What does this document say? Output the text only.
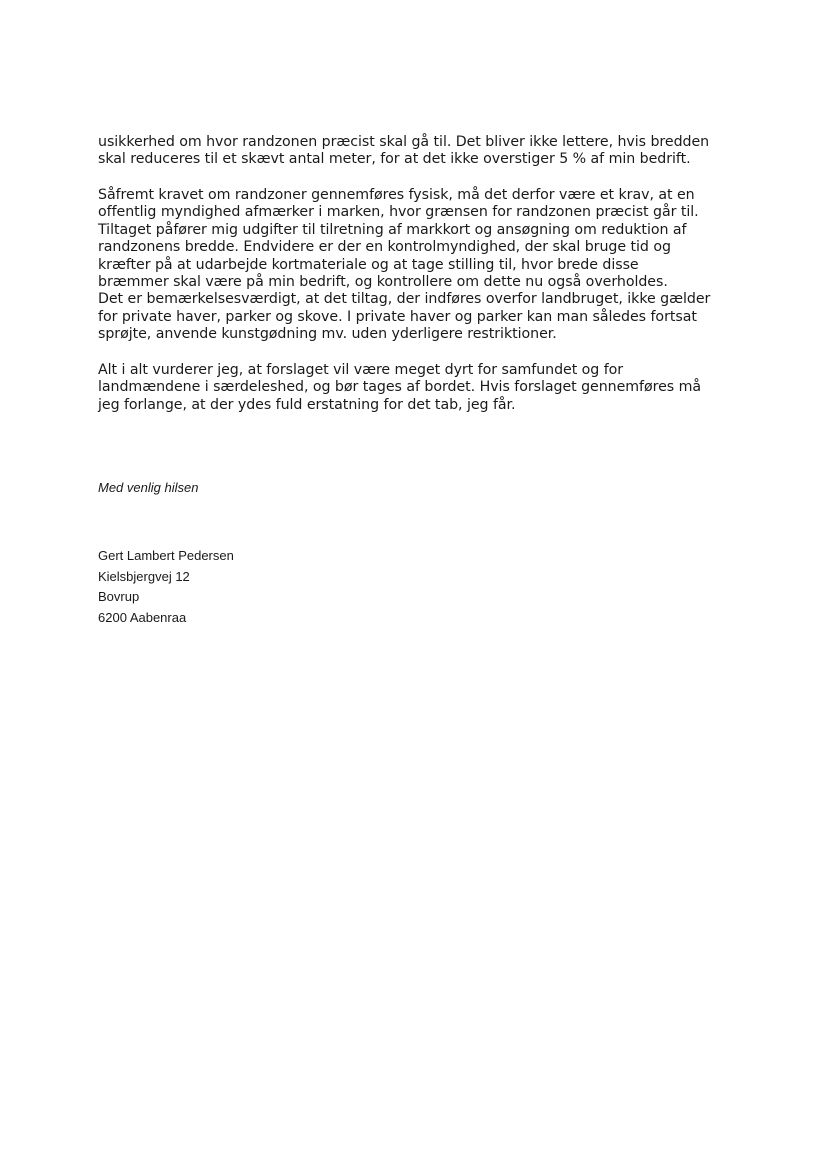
usikkerhed om hvor randzonen præcist skal gå til. Det bliver ikke lettere, hvis bredden
skal reduceres til et skævt antal meter, for at det ikke overstiger 5 % af min bedrift.
Såfremt kravet om randzoner gennemføres fysisk, må det derfor være et krav, at en
offentlig myndighed afmærker i marken, hvor grænsen for randzonen præcist går til.
Tiltaget påfører mig udgifter til tilretning af markkort og ansøgning om reduktion af
randzonens bredde. Endvidere er der en kontrolmyndighed, der skal bruge tid og
kræfter på at udarbejde kortmateriale og at tage stilling til, hvor brede disse
bræmmer skal være på min bedrift, og kontrollere om dette nu også overholdes.
Det er bemærkelsesværdigt, at det tiltag, der indføres overfor landbruget, ikke gælder
for private haver, parker og skove. I private haver og parker kan man således fortsat
sprøjte, anvende kunstgødning mv. uden yderligere restriktioner.
Alt i alt vurderer jeg, at forslaget vil være meget dyrt for samfundet og for
landmændene i særdeleshed, og bør tages af bordet. Hvis forslaget gennemføres må
jeg forlange, at der ydes fuld erstatning for det tab, jeg får.
Med venlig hilsen
Gert Lambert Pedersen
Kielsbjergvej 12
Bovrup
6200 Aabenraa
